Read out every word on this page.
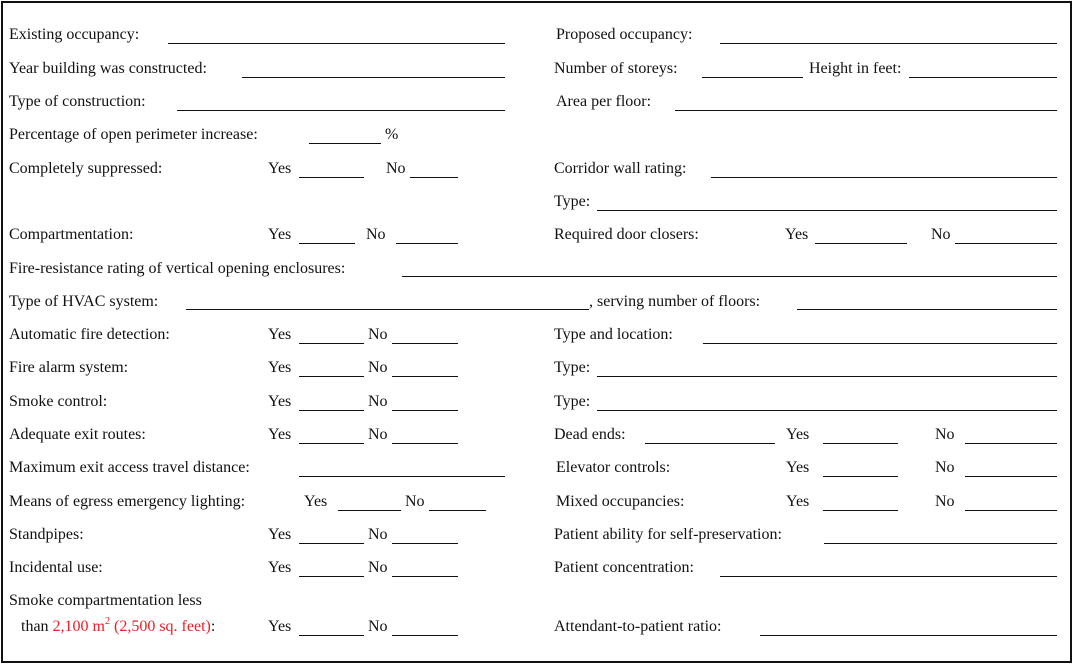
Existing occupancy:	Proposed occupancy:
Year building was constructed:	Number of storeys:	Height in feet:
Type of construction:	Area per floor:
Percentage of open perimeter increase:	%
Completely suppressed:	Yes	No	Corridor wall rating:
Type:
Compartmentation:	Yes	No	Required door closers:	Yes	No
Fire-resistance rating of vertical opening enclosures:
Type of HVAC system:	, serving number of floors:
Automatic fire detection:	Yes	No	Type and location:
Fire alarm system:	Yes	No	Type:
Smoke control:	Yes	No	Type:
Adequate exit routes:	Yes	No	Dead ends:	Yes	No
Maximum exit access travel distance:	Elevator controls:	Yes	No
Means of egress emergency lighting:	Yes	No	Mixed occupancies:	Yes	No
Standpipes:	Yes	No	Patient ability for self-preservation:
Incidental use:	Yes	No	Patient concentration:
Smoke compartmentation less
than 2,100 $m^2$ (2,500 sq. feet):	Yes	No	Attendant-to-patient ratio:
